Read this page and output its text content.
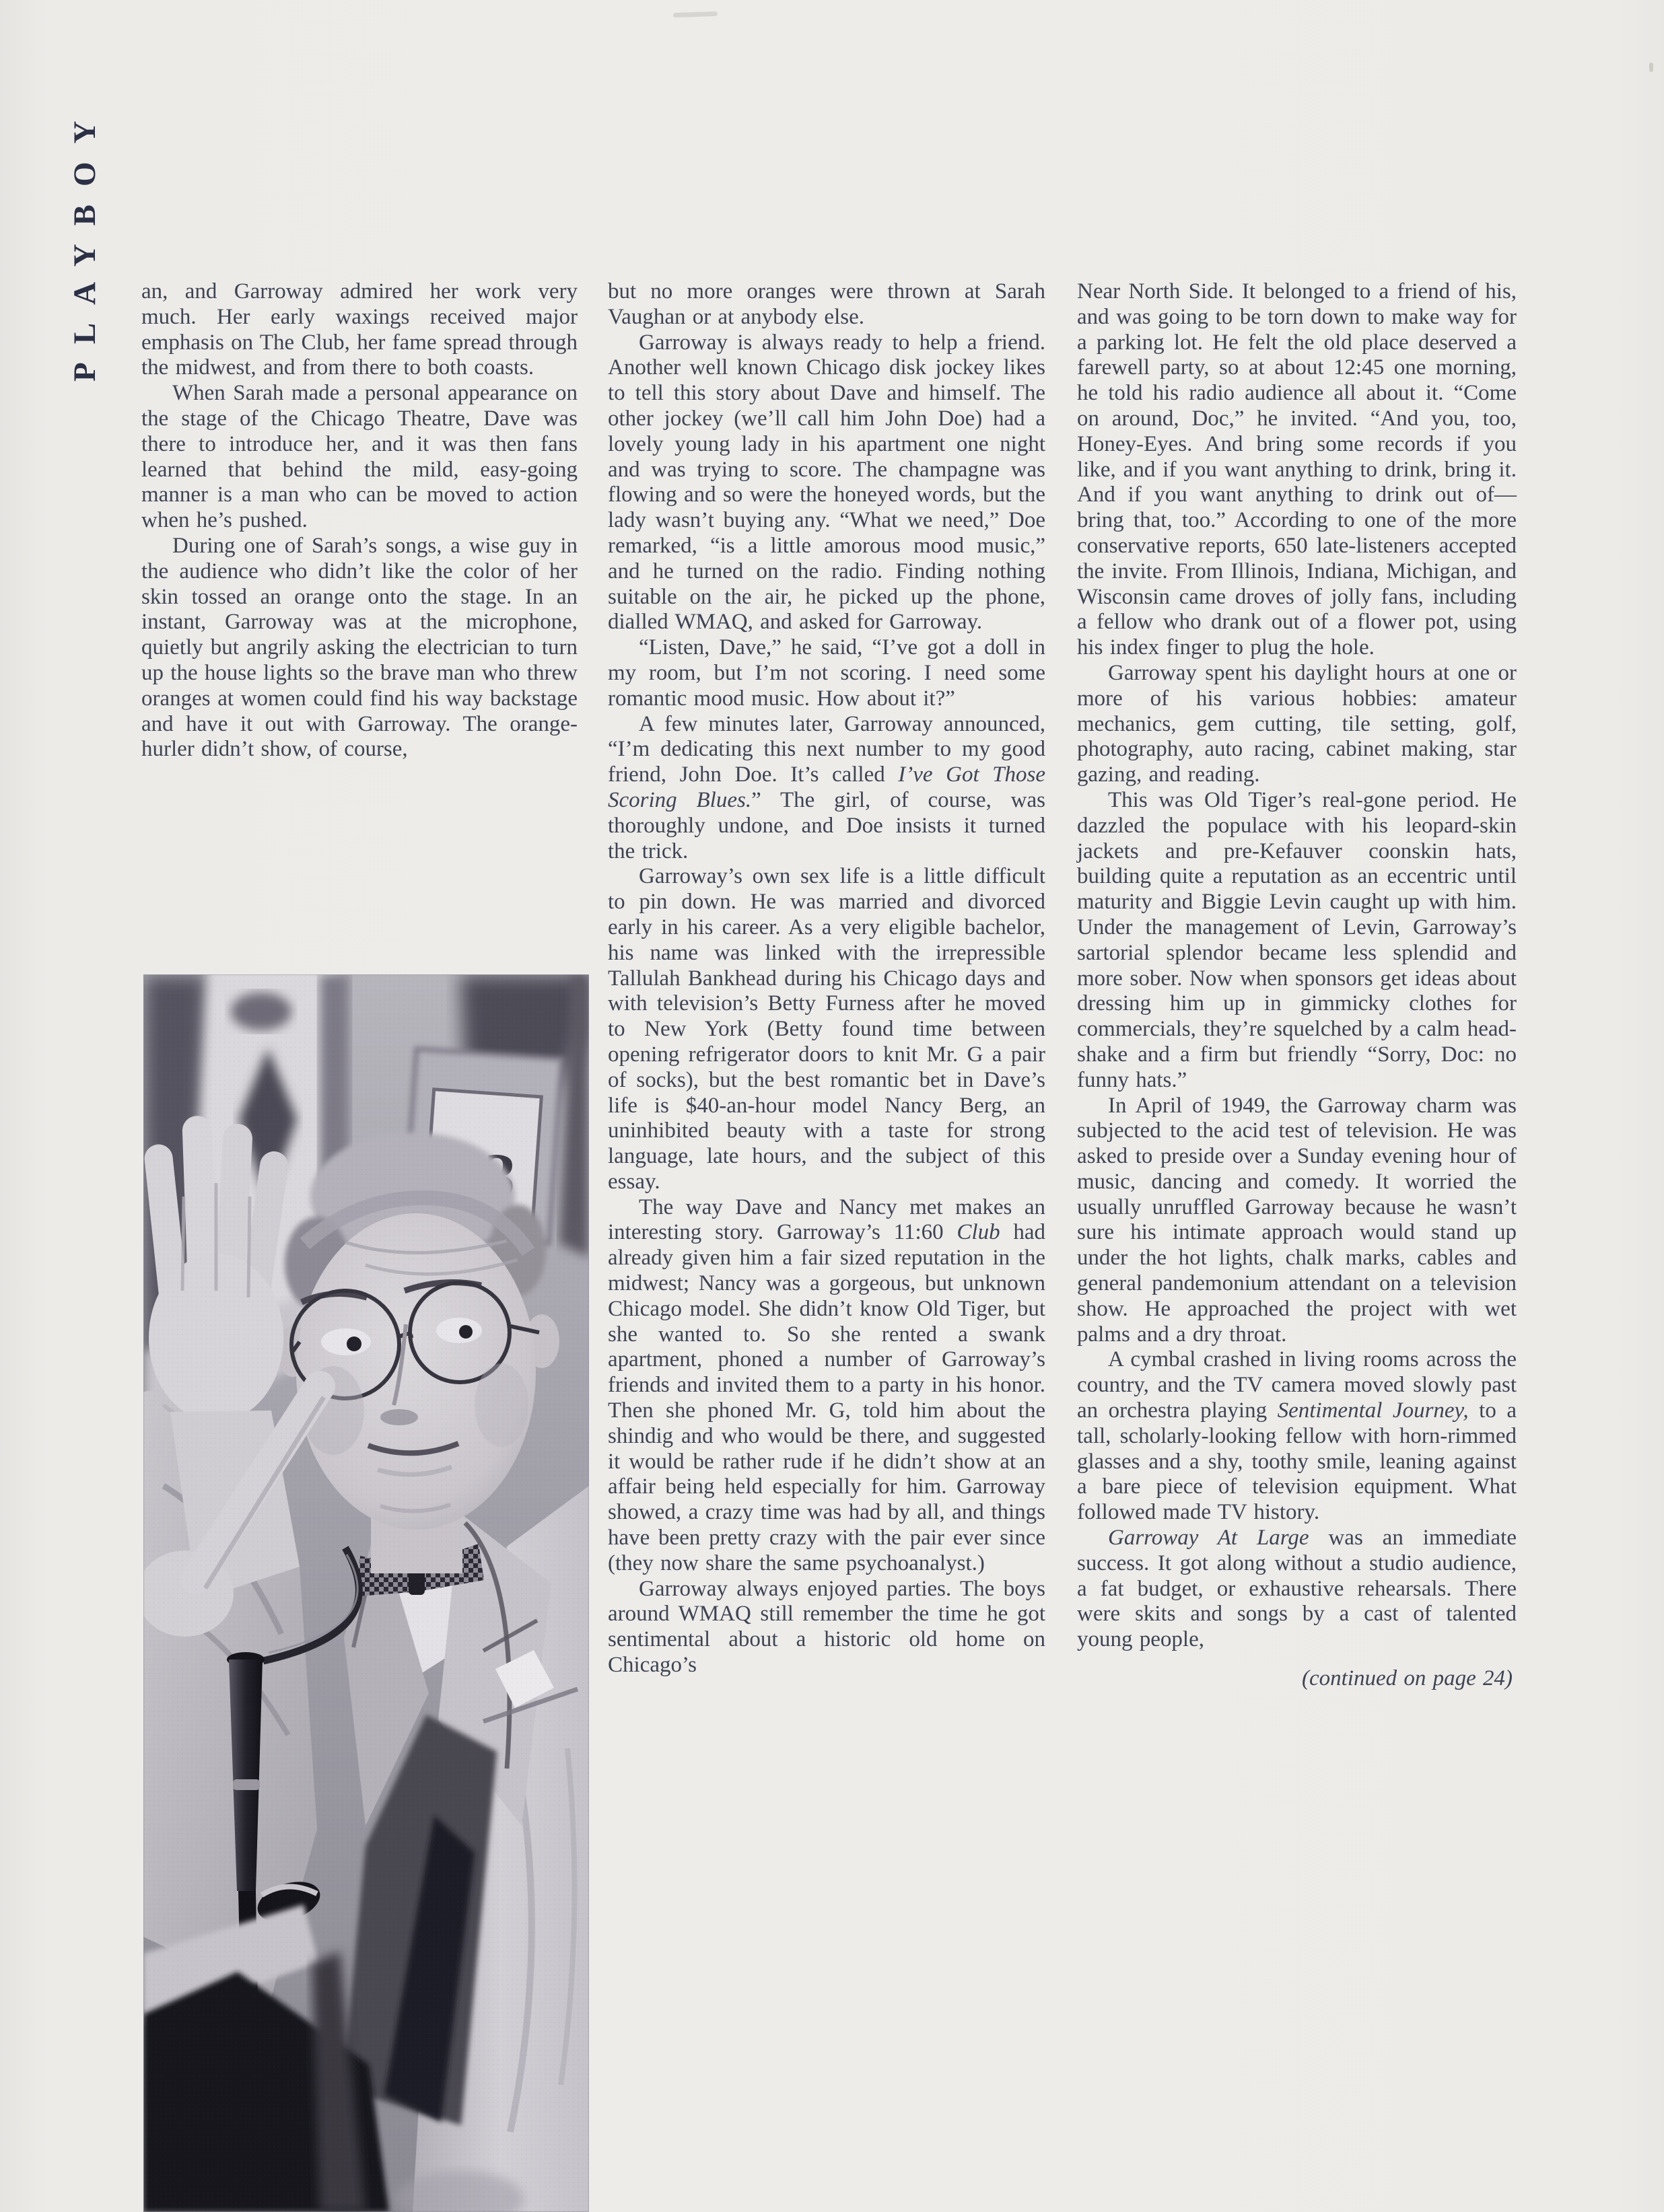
PLAYBOY an, and Garroway admired her work very much. Her early waxings received major emphasis on The Club, her fame spread through the midwest, and from there to both coasts.

When Sarah made a personal appearance on the stage of the Chicago Theatre, Dave was there to introduce her, and it was then fans learned that behind the mild, easy-going manner is a man who can be moved to action when he’s pushed.

During one of Sarah’s songs, a wise guy in the audience who didn’t like the color of her skin tossed an orange onto the stage. In an instant, Garroway was at the microphone, quietly but angrily asking the electrician to turn up the house lights so the brave man who threw oranges at women could find his way backstage and have it out with Garroway. The orange-hurler didn’t show, of course,

but no more oranges were thrown at Sarah Vaughan or at anybody else.

Garroway is always ready to help a friend. Another well known Chicago disk jockey likes to tell this story about Dave and himself. The other jockey (we’ll call him John Doe) had a lovely young lady in his apartment one night and was trying to score. The champagne was flowing and so were the honeyed words, but the lady wasn’t buying any. “What we need,” Doe remarked, “is a little amorous mood music,” and he turned on the radio. Finding nothing suitable on the air, he picked up the phone, dialled WMAQ, and asked for Garroway.

“Listen, Dave,” he said, “I’ve got a doll in my room, but I’m not scoring. I need some romantic mood music. How about it?”

A few minutes later, Garroway announced, “I’m dedicating this next number to my good friend, John Doe. It’s called I’ve Got Those Scoring Blues.” The girl, of course, was thoroughly undone, and Doe insists it turned the trick.

Garroway’s own sex life is a little difficult to pin down. He was married and divorced early in his career. As a very eligible bachelor, his name was linked with the irrepressible Tallulah Bankhead during his Chicago days and with television’s Betty Furness after he moved to New York (Betty found time between opening refrigerator doors to knit Mr. G a pair of socks), but the best romantic bet in Dave’s life is $40-an-hour model Nancy Berg, an uninhibited beauty with a taste for strong language, late hours, and the subject of this essay.

The way Dave and Nancy met makes an interesting story. Garroway’s 11:60 Club had already given him a fair sized reputation in the midwest; Nancy was a gorgeous, but unknown Chicago model. She didn’t know Old Tiger, but she wanted to. So she rented a swank apartment, phoned a number of Garroway’s friends and invited them to a party in his honor. Then she phoned Mr. G, told him about the shindig and who would be there, and suggested it would be rather rude if he didn’t show at an affair being held especially for him. Garroway showed, a crazy time was had by all, and things have been pretty crazy with the pair ever since (they now share the same psychoanalyst.)

Garroway always enjoyed parties. The boys around WMAQ still remember the time he got sentimental about a historic old home on Chicago’s

Near North Side. It belonged to a friend of his, and was going to be torn down to make way for a parking lot. He felt the old place deserved a farewell party, so at about 12:45 one morning, he told his radio audience all about it. “Come on around, Doc,” he invited. “And you, too, Honey-Eyes. And bring some records if you like, and if you want anything to drink, bring it. And if you want anything to drink out of—bring that, too.” According to one of the more conservative reports, 650 late-listeners accepted the invite. From Illinois, Indiana, Michigan, and Wisconsin came droves of jolly fans, including a fellow who drank out of a flower pot, using his index finger to plug the hole.

Garroway spent his daylight hours at one or more of his various hobbies: amateur mechanics, gem cutting, tile setting, golf, photography, auto racing, cabinet making, star gazing, and reading.

This was Old Tiger’s real-gone period. He dazzled the populace with his leopard-skin jackets and pre-Kefauver coonskin hats, building quite a reputation as an eccentric until maturity and Biggie Levin caught up with him. Under the management of Levin, Garroway’s sartorial splendor became less splendid and more sober. Now when sponsors get ideas about dressing him up in gimmicky clothes for commercials, they’re squelched by a calm head-shake and a firm but friendly “Sorry, Doc: no funny hats.”

In April of 1949, the Garroway charm was subjected to the acid test of television. He was asked to preside over a Sunday evening hour of music, dancing and comedy. It worried the usually unruffled Garroway because he wasn’t sure his intimate approach would stand up under the hot lights, chalk marks, cables and general pandemonium attendant on a television show. He approached the project with wet palms and a dry throat.

A cymbal crashed in living rooms across the country, and the TV camera moved slowly past an orchestra playing Sentimental Journey, to a tall, scholarly-looking fellow with horn-rimmed glasses and a shy, toothy smile, leaning against a bare piece of television equipment. What followed made TV history.

Garroway At Large was an immediate success. It got along without a studio audience, a fat budget, or exhaustive rehearsals. There were skits and songs by a cast of talented young people,

(continued on page 24)
